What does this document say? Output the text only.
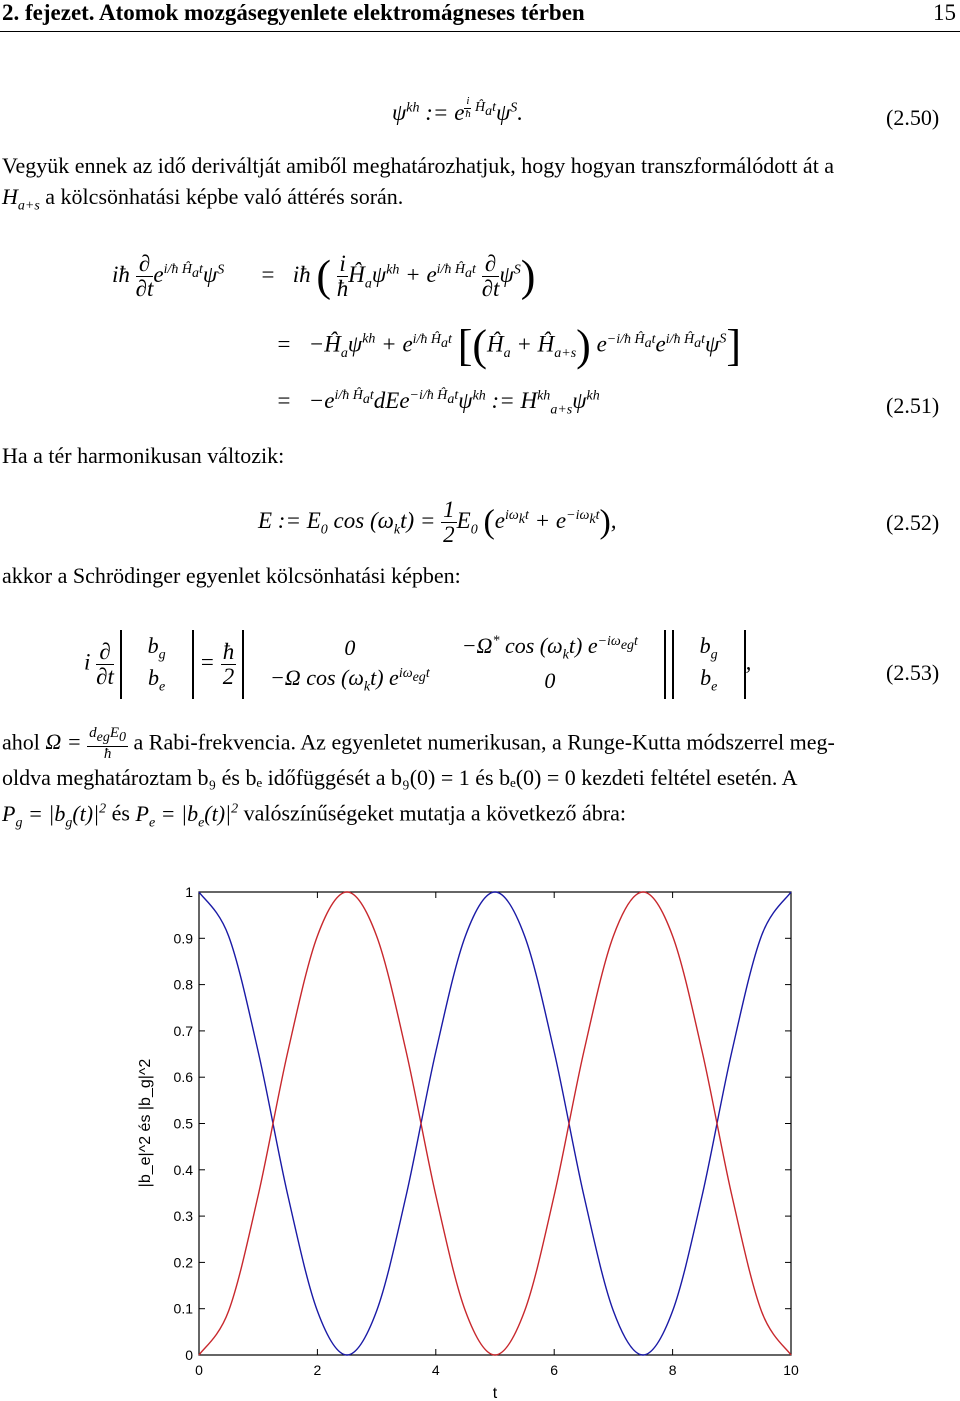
2. fejezet. Atomok mozgásegyenlete elektromágneses térben	15
$\psi^{kh}$ := e $^{\frac{i}{ħ} Ĥ_at}\psi^S$.	(2.50)
Vegyük ennek az idő deriváltját amiből meghatározhatjuk, hogy hogyan transzformálódott át a
$H_{a+s}$ a kölcsönhatási képbe való áttérés során.
iħ $\frac{\partial}{\partial t} e^{i/ħ Ĥ_at}\psi^S$ =   iħ ( $\frac{i}{ħ}$ $Ĥ_a\psi^{kh} + e^{i/ħ Ĥ_at} \frac{\partial}{\partial t} \psi^S$)
=   $-Ĥ_a\psi^{kh} + e^{i/ħ Ĥ_at}$ [($Ĥ_a$ + $Ĥ_{a+s}$) $e^{-i/ħ Ĥ_at}e^{i/ħ Ĥ_at}\psi^S$]
=   $-e^{i/ħ Ĥ_at}dEe^{-i/ħ Ĥ_at}\psi^{kh}$ := $H^{kh}_{a+s}\psi^{kh}$	(2.51)
Ha a tér harmonikusan változik:
E := $E_0$ $\cos (\omega_kt) = \frac{1}{2} E_0$ $(e^{i\omega_kt} + e^{-i\omega_kt})$,	(2.52)
akkor a Schrödinger egyenlet kölcsönhatási képben:
i $\frac{\partial}{\partial t}$
$b_g$
$b_e$
= $\frac{ħ}{2}$
	0	−Ω* $\cos (\omega_kt)$ $e^{-i\omega_{eg}t}$
−Ω $\cos (\omega_kt)$ $e^{i\omega_{eg}t}$	0

$b_g$
$b_e$
,	(2.53)
ahol $\Omega = \frac{d_{eg}E_0}{ħ}$ a Rabi-frekvencia. Az egyenletet numerikusan, a Runge-Kutta módszerrel meg-
oldva meghatároztam b₉ és bₑ időfüggését a b₉(0) = 1 és bₑ(0) = 0 kezdeti feltétel esetén. A
$P_g = |b_g(t)|^2$ és $P_e = |b_e(t)|^2$ valószínűségeket mutatja a következő ábra:
0
0.1
0.2
0.3
0.4
0.5
0.6
0.7
0.8
0.9
1
0	2	4	6	8	10
t
|b_e|^2 és |b_g|^2
